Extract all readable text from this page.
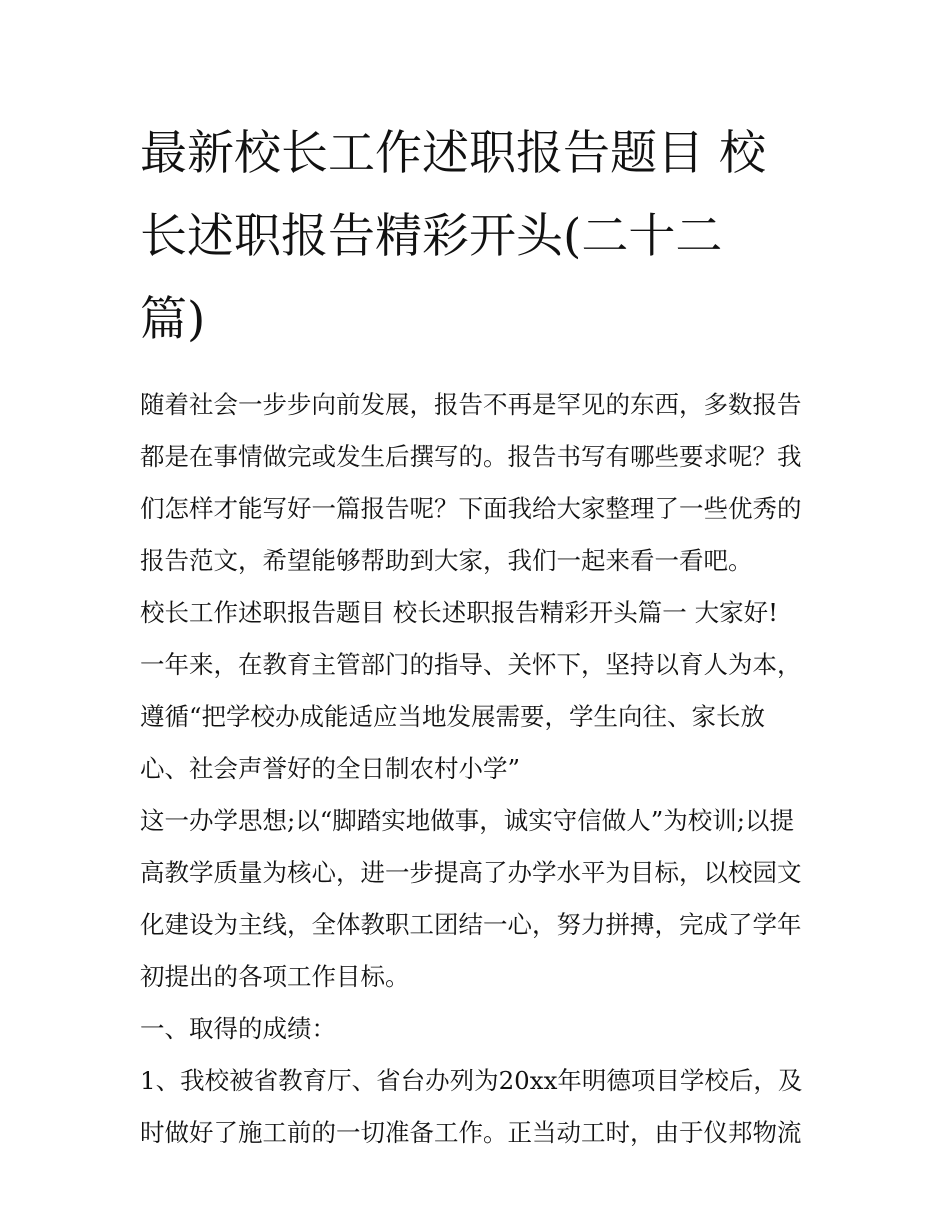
最新校长工作述职报告题目 校
长述职报告精彩开头(二十二
篇)

随着社会一步步向前发展，报告不再是罕见的东西，多数报告
都是在事情做完或发生后撰写的。报告书写有哪些要求呢？我
们怎样才能写好一篇报告呢？下面我给大家整理了一些优秀的
报告范文，希望能够帮助到大家，我们一起来看一看吧。

校长工作述职报告题目 校长述职报告精彩开头篇一 大家好!

一年来，在教育主管部门的指导、关怀下，坚持以育人为本，
遵循“把学校办成能适应当地发展需要，学生向往、家长放
心、社会声誉好的全日制农村小学”

这一办学思想;以“脚踏实地做事，诚实守信做人”为校训;以提
高教学质量为核心，进一步提高了办学水平为目标，以校园文
化建设为主线，全体教职工团结一心，努力拼搏，完成了学年
初提出的各项工作目标。

一、取得的成绩：

1、我校被省教育厅、省台办列为20xx年明德项目学校后，及
时做好了施工前的一切准备工作。正当动工时，由于仪邦物流
